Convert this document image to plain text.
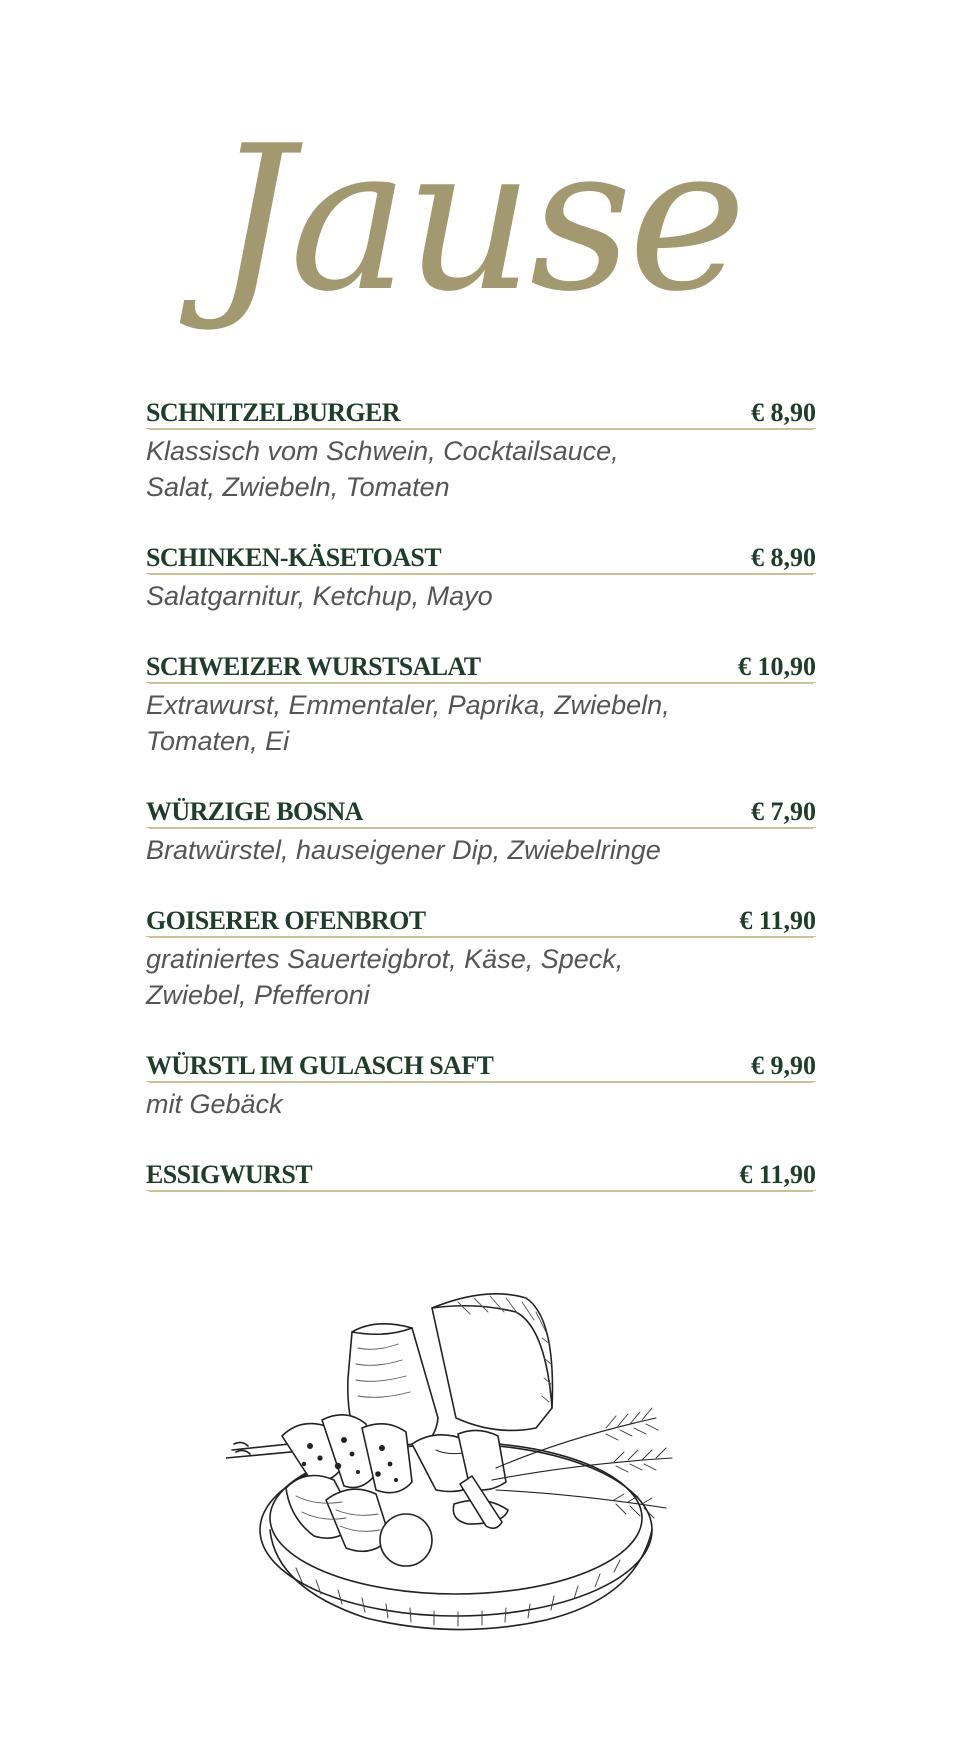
Jause
SCHNITZELBURGER	€ 8,90
Klassisch vom Schwein, Cocktailsauce,
Salat, Zwiebeln, Tomaten
SCHINKEN-KÄSETOAST	€ 8,90
Salatgarnitur, Ketchup, Mayo
SCHWEIZER WURSTSALAT	€ 10,90
Extrawurst, Emmentaler, Paprika, Zwiebeln,
Tomaten, Ei
WÜRZIGE BOSNA	€ 7,90
Bratwürstel, hauseigener Dip, Zwiebelringe
GOISERER OFENBROT	€ 11,90
gratiniertes Sauerteigbrot, Käse, Speck,
Zwiebel, Pfefferoni
WÜRSTL IM GULASCH SAFT	€ 9,90
mit Gebäck
ESSIGWURST	€ 11,90
